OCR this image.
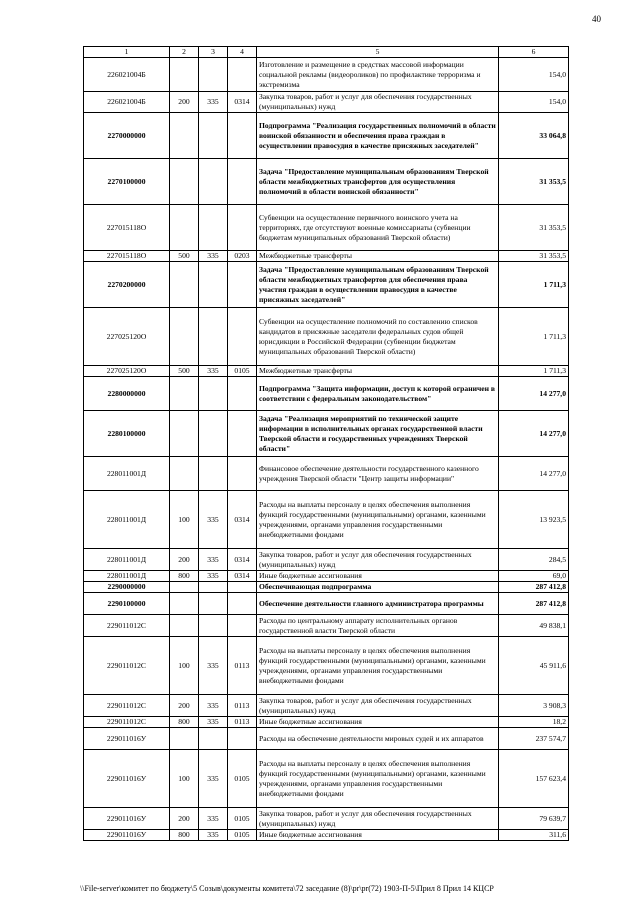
40
1	2	3	4	5	6
226021004Б				Изготовление и размещение в средствах массовой информации социальной рекламы (видеороликов) по профилактике терроризма и экстремизма	154,0
226021004Б	200	335	0314	Закупка товаров, работ и услуг для обеспечения государственных (муниципальных) нужд	154,0
2270000000				Подпрограмма "Реализация государственных полномочий в области воинской обязанности и обеспечения права граждан в осуществлении правосудия в качестве присяжных заседателей"	33 064,8
2270100000				Задача "Предоставление муниципальным образованиям Тверской области межбюджетных трансфертов для осуществления полномочий в области воинской обязанности"	31 353,5
227015118О				Субвенции на осуществление первичного воинского учета на территориях, где отсутствуют военные комиссариаты (субвенции бюджетам муниципальных образований Тверской области)	31 353,5
227015118О	500	335	0203	Межбюджетные трансферты	31 353,5
2270200000				Задача "Предоставление муниципальным образованиям Тверской области межбюджетных трансфертов для обеспечения права участия граждан в осуществлении правосудия в качестве присяжных заседателей"	1 711,3
227025120О				Субвенции на осуществление полномочий по составлению списков кандидатов в присяжные заседатели федеральных судов общей юрисдикции в Российской Федерации (субвенции бюджетам муниципальных образований Тверской области)	1 711,3
227025120О	500	335	0105	Межбюджетные трансферты	1 711,3
2280000000				Подпрограмма "Защита информации, доступ к которой ограничен в соответствии с федеральным законодательством"	14 277,0
2280100000				Задача "Реализация мероприятий по технической защите информации в исполнительных органах государственной власти Тверской области и государственных учреждениях Тверской области"	14 277,0
228011001Д				Финансовое обеспечение деятельности государственного казенного учреждения Тверской области "Центр защиты информации"	14 277,0
228011001Д	100	335	0314	Расходы на выплаты персоналу в целях обеспечения выполнения функций государственными (муниципальными) органами, казенными учреждениями, органами управления государственными внебюджетными фондами	13 923,5
228011001Д	200	335	0314	Закупка товаров, работ и услуг для обеспечения государственных (муниципальных) нужд	284,5
228011001Д	800	335	0314	Иные бюджетные ассигнования	69,0
2290000000				Обеспечивающая подпрограмма	287 412,8
2290100000				Обеспечение деятельности главного администратора программы	287 412,8
229011012С				Расходы по центральному аппарату исполнительных органов государственной власти Тверской области	49 838,1
229011012С	100	335	0113	Расходы на выплаты персоналу в целях обеспечения выполнения функций государственными (муниципальными) органами, казенными учреждениями, органами управления государственными внебюджетными фондами	45 911,6
229011012С	200	335	0113	Закупка товаров, работ и услуг для обеспечения государственных (муниципальных) нужд	3 908,3
229011012С	800	335	0113	Иные бюджетные ассигнования	18,2
229011016У				Расходы на обеспечение деятельности мировых судей и их аппаратов	237 574,7
229011016У	100	335	0105	Расходы на выплаты персоналу в целях обеспечения выполнения функций государственными (муниципальными) органами, казенными учреждениями, органами управления государственными внебюджетными фондами	157 623,4
229011016У	200	335	0105	Закупка товаров, работ и услуг для обеспечения государственных (муниципальных) нужд	79 639,7
229011016У	800	335	0105	Иные бюджетные ассигнования	311,6
\\File-server\комитет по бюджету\5 Созыв\документы комитета\72 заседание (8)\pr\pr(72) 1903-П-5\Прил 8 Прил 14 КЦСР
